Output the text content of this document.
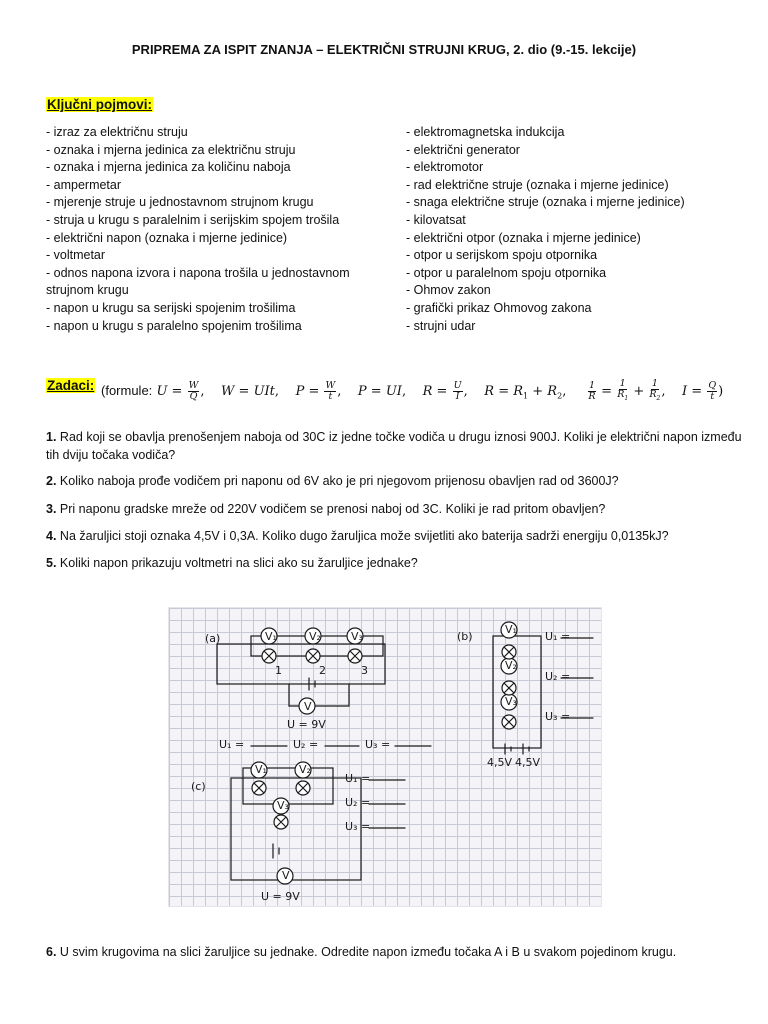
PRIPREMA ZA ISPIT ZNANJA – ELEKTRIČNI STRUJNI KRUG, 2. dio (9.-15. lekcije)
Ključni pojmovi:
- izraz za električnu struju
- oznaka i mjerna jedinica za električnu struju
- oznaka i mjerna jedinica za količinu naboja
- ampermetar
- mjerenje struje u jednostavnom strujnom krugu
- struja u krugu s paralelnim i serijskim spojem trošila
- električni napon (oznaka i mjerne jedinice)
- voltmetar
- odnos napona izvora i napona trošila u jednostavnom
strujnom krugu
- napon u krugu sa serijski spojenim trošilima
- napon u krugu s paralelno spojenim trošilima
- elektromagnetska indukcija
- električni generator
- elektromotor
- rad električne struje (oznaka i mjerne jedinice)
- snaga električne struje (oznaka i mjerne jedinice)
- kilovatsat
- električni otpor (oznaka i mjerne jedinice)
- otpor u serijskom spoju otpornika
- otpor u paralelnom spoju otpornika
- Ohmov zakon
- grafički prikaz Ohmovog zakona
- strujni udar
Zadaci: (formule: $U = \frac{W}{Q}$ ,    W = UIt,    $P = \frac{W}{t}$ ,    P = UI,    $R = \frac{U}{I}$ ,    $R = R_1 + R_2$, $\frac{1}{R} = \frac{1}{R_1} + \frac{1}{R_2}$ ,    $I = \frac{Q}{t}$ )
1. Rad koji se obavlja prenošenjem naboja od 30C iz jedne točke vodiča u drugu iznosi 900J. Koliki je električni napon između tih dviju točaka vodiča?
2. Koliko naboja prođe vodičem pri naponu od 6V ako je pri njegovom prijenosu obavljen rad od 3600J?
3. Pri naponu gradske mreže od 220V vodičem se prenosi naboj od 3C. Koliki je rad pritom obavljen?
4. Na žaruljici stoji oznaka 4,5V i 0,3A. Koliko dugo žaruljica može svijetliti ako baterija sadrži energiju 0,0135kJ?
5. Koliki napon prikazuju voltmetri na slici ako su žaruljice jednake?
(a)	V₁	V₂	V₃
1	2	3
V
U = 9V
U₁ =	U₂ =	U₃ =
(b)
V₁
V₂
V₃
U₁ =
U₂ =
U₃ =
4,5V 4,5V
(c)
V₁	V₂
V₃
V
U₁ =
U₂ =
U₃ =
U = 9V
6. U svim krugovima na slici žaruljice su jednake. Odredite napon između točaka A i B u svakom pojedinom krugu.
